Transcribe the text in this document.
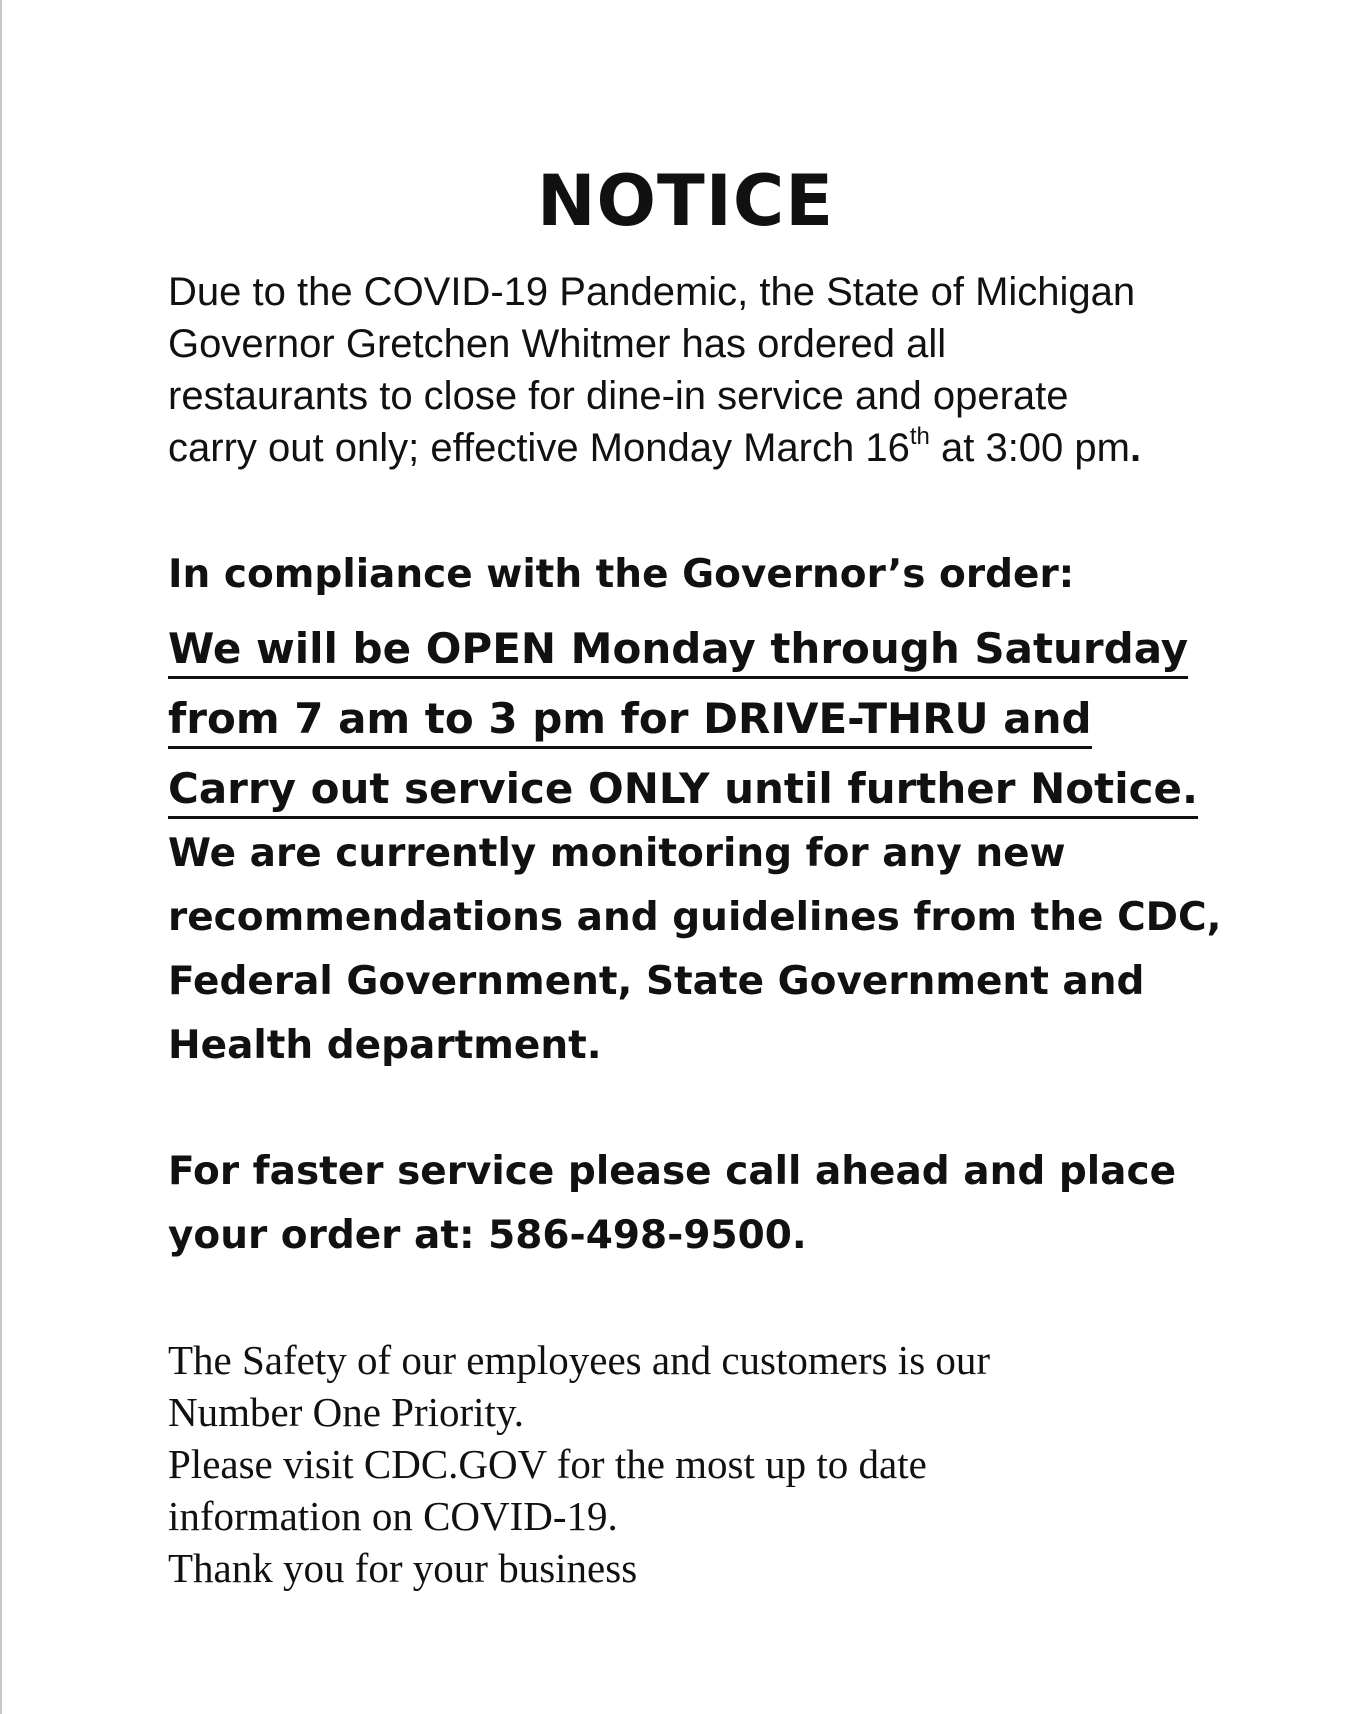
NOTICE
Due to the COVID-19 Pandemic, the State of Michigan
Governor Gretchen Whitmer has ordered all
restaurants to close for dine-in service and operate
carry out only; effective Monday March 16th at 3:00 pm.
In compliance with the Governor’s order:
We will be OPEN Monday through Saturday
from 7 am to 3 pm for DRIVE-THRU and
Carry out service ONLY until further Notice.
We are currently monitoring for any new
recommendations and guidelines from the CDC,
Federal Government, State Government and
Health department.
For faster service please call ahead and place
your order at: 586-498-9500.
The Safety of our employees and customers is our
Number One Priority.
Please visit CDC.GOV for the most up to date
information on COVID-19.
Thank you for your business
